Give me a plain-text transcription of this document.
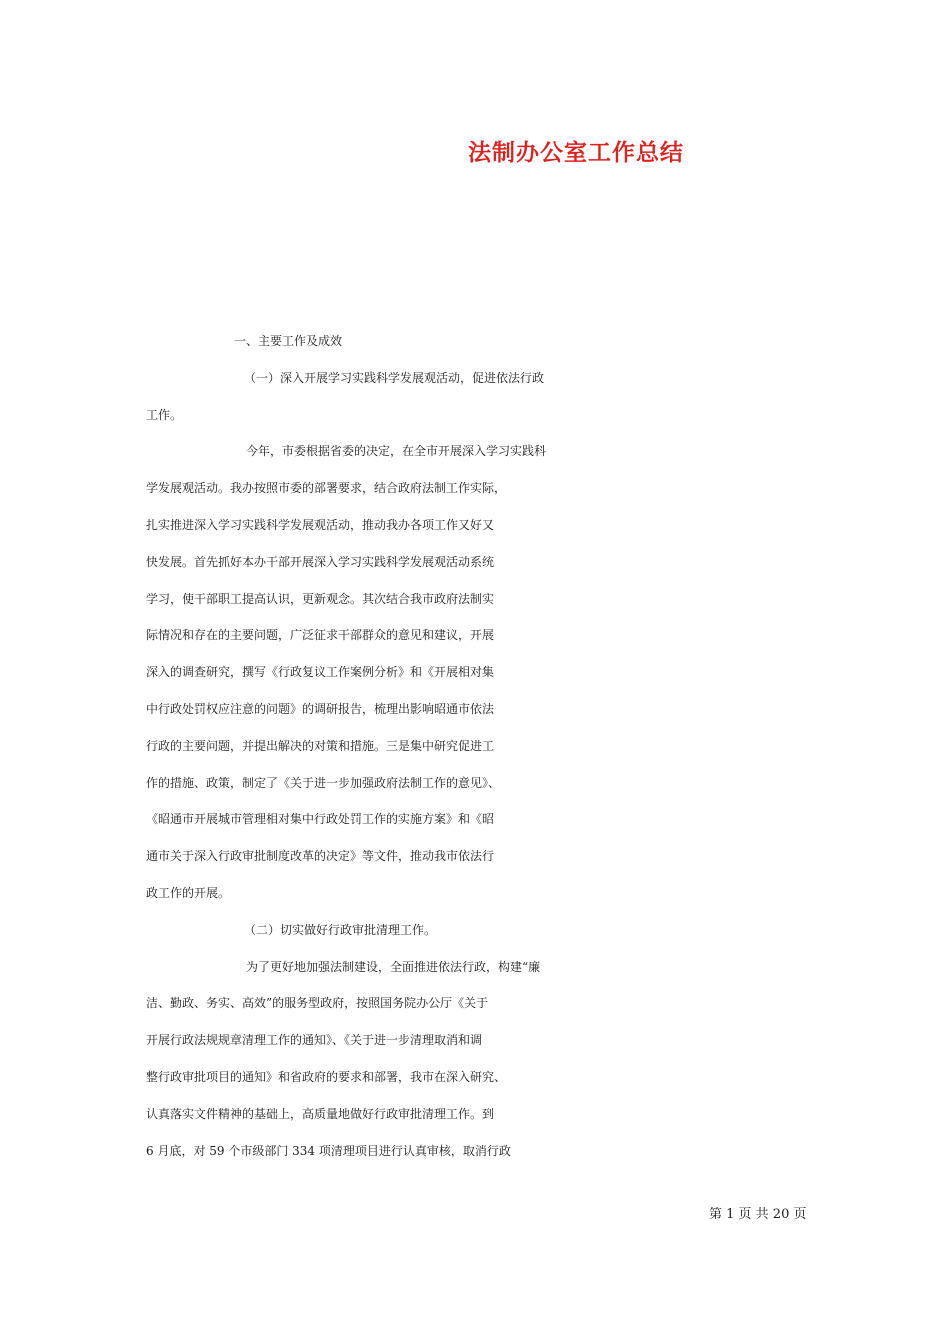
法制办公室工作总结
一、主要工作及成效
（一）深入开展学习实践科学发展观活动，促进依法行政
工作。
今年，市委根据省委的决定，在全市开展深入学习实践科
学发展观活动。我办按照市委的部署要求，结合政府法制工作实际，
扎实推进深入学习实践科学发展观活动，推动我办各项工作又好又
快发展。首先抓好本办干部开展深入学习实践科学发展观活动系统
学习，使干部职工提高认识，更新观念。其次结合我市政府法制实
际情况和存在的主要问题，广泛征求干部群众的意见和建议，开展
深入的调查研究，撰写《行政复议工作案例分析》和《开展相对集
中行政处罚权应注意的问题》的调研报告，梳理出影响昭通市依法
行政的主要问题，并提出解决的对策和措施。三是集中研究促进工
作的措施、政策，制定了《关于进一步加强政府法制工作的意见》、
《昭通市开展城市管理相对集中行政处罚工作的实施方案》和《昭
通市关于深入行政审批制度改革的决定》等文件，推动我市依法行
政工作的开展。
（二）切实做好行政审批清理工作。
为了更好地加强法制建设，全面推进依法行政，构建“廉
洁、勤政、务实、高效”的服务型政府，按照国务院办公厅《关于
开展行政法规规章清理工作的通知》、《关于进一步清理取消和调
整行政审批项目的通知》和省政府的要求和部署，我市在深入研究、
认真落实文件精神的基础上，高质量地做好行政审批清理工作。到
6 月底，对 59 个市级部门 334 项清理项目进行认真审核，取消行政
第 1 页 共 20 页
